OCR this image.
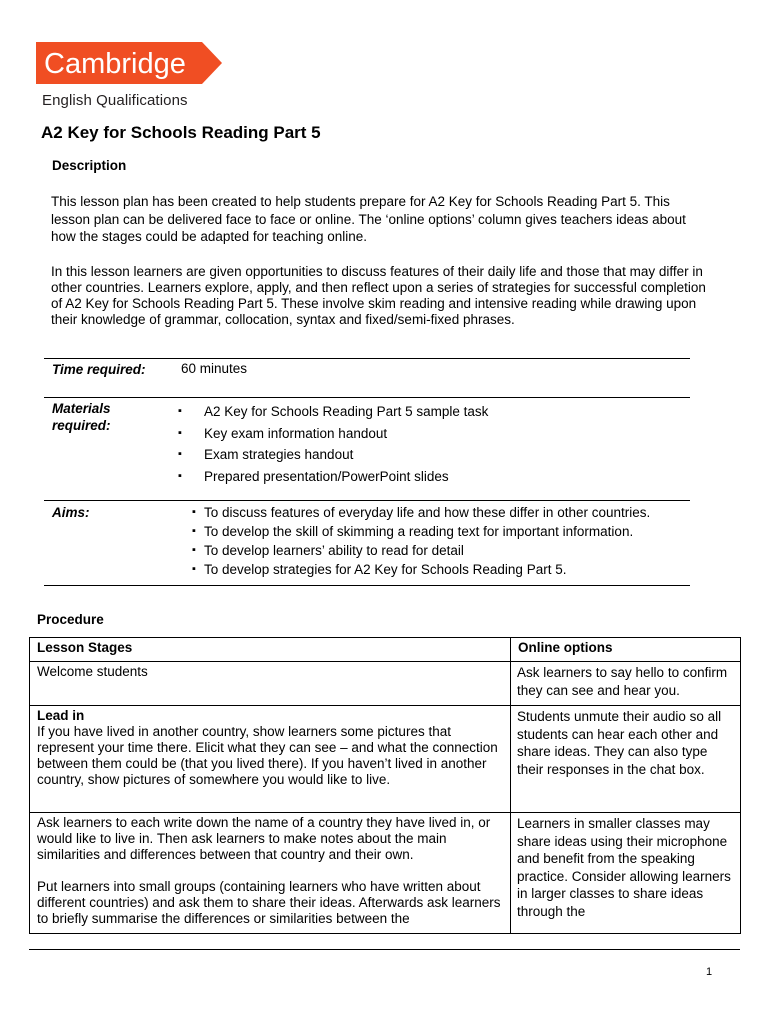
Cambridge
English Qualifications
A2 Key for Schools Reading Part 5
Description
This lesson plan has been created to help students prepare for A2 Key for Schools Reading Part 5. This lesson plan can be delivered face to face or online. The ‘online options’ column gives teachers ideas about how the stages could be adapted for teaching online.
In this lesson learners are given opportunities to discuss features of their daily life and those that may differ in other countries. Learners explore, apply, and then reflect upon a series of strategies for successful completion of A2 Key for Schools Reading Part 5. These involve skim reading and intensive reading while drawing upon their knowledge of grammar, collocation, syntax and fixed/semi-fixed phrases.
Time required:	60 minutes
Materials required:
▪ A2 Key for Schools Reading Part 5 sample task
▪ Key exam information handout
▪ Exam strategies handout
▪ Prepared presentation/PowerPoint slides
Aims:	▪ To discuss features of everyday life and how these differ in other countries.
▪ To develop the skill of skimming a reading text for important information.
▪ To develop learners’ ability to read for detail
▪ To develop strategies for A2 Key for Schools Reading Part 5.
Procedure
Lesson Stages	Online options

Welcome students	Ask learners to say hello to confirm they can see and hear you.

Lead in
If you have lived in another country, show learners some pictures that represent your time there. Elicit what they can see – and what the connection between them could be (that you lived there). If you haven’t lived in another country, show pictures of somewhere you would like to live.	Students unmute their audio so all students can hear each other and share ideas. They can also type their responses in the chat box.

Ask learners to each write down the name of a country they have lived in, or would like to live in. Then ask learners to make notes about the main similarities and differences between that country and their own.
Put learners into small groups (containing learners who have written about different countries) and ask them to share their ideas. Afterwards ask learners to briefly summarise the differences or similarities between the	Learners in smaller classes may share ideas using their microphone and benefit from the speaking practice. Consider allowing learners in larger classes to share ideas through the
1
